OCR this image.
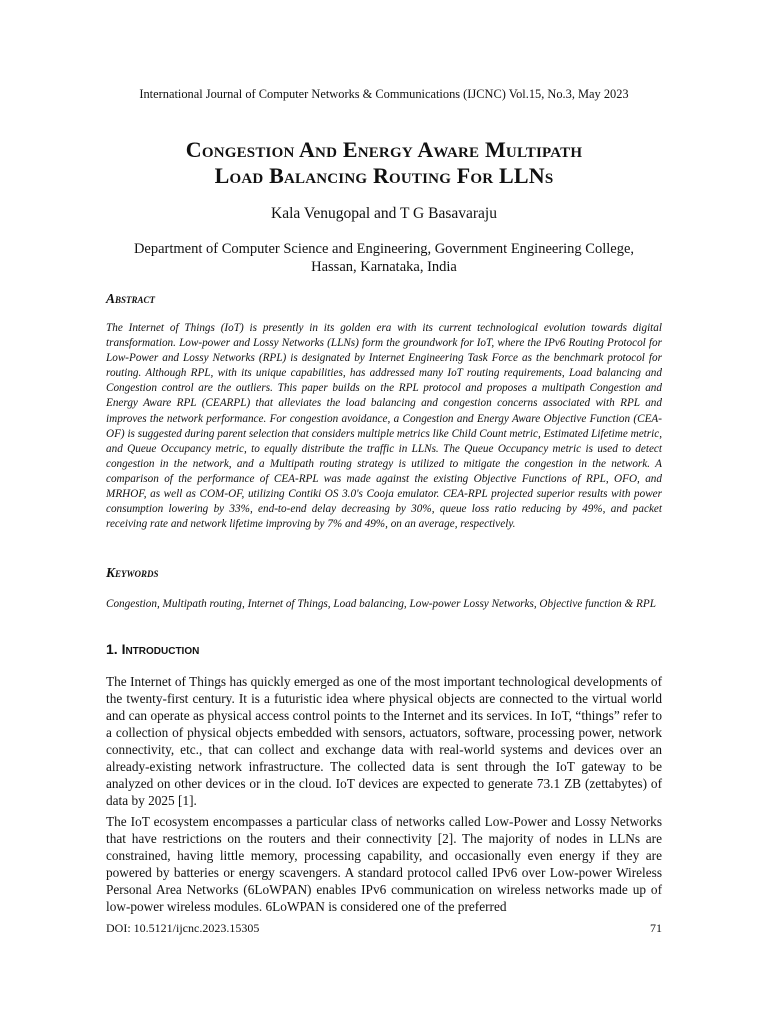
International Journal of Computer Networks & Communications (IJCNC) Vol.15, No.3, May 2023
Congestion And Energy Aware Multipath
Load Balancing Routing For LLNs
Kala Venugopal and T G Basavaraju
Department of Computer Science and Engineering, Government Engineering College,
Hassan, Karnataka, India
Abstract

The Internet of Things (IoT) is presently in its golden era with its current technological evolution towards digital transformation. Low-power and Lossy Networks (LLNs) form the groundwork for IoT, where the IPv6 Routing Protocol for Low-Power and Lossy Networks (RPL) is designated by Internet Engineering Task Force as the benchmark protocol for routing. Although RPL, with its unique capabilities, has addressed many IoT routing requirements, Load balancing and Congestion control are the outliers. This paper builds on the RPL protocol and proposes a multipath Congestion and Energy Aware RPL (CEARPL) that alleviates the load balancing and congestion concerns associated with RPL and improves the network performance. For congestion avoidance, a Congestion and Energy Aware Objective Function (CEA-OF) is suggested during parent selection that considers multiple metrics like Child Count metric, Estimated Lifetime metric, and Queue Occupancy metric, to equally distribute the traffic in LLNs. The Queue Occupancy metric is used to detect congestion in the network, and a Multipath routing strategy is utilized to mitigate the congestion in the network. A comparison of the performance of CEA-RPL was made against the existing Objective Functions of RPL, OFO, and MRHOF, as well as COM-OF, utilizing Contiki OS 3.0's Cooja emulator. CEA-RPL projected superior results with power consumption lowering by 33%, end-to-end delay decreasing by 30%, queue loss ratio reducing by 49%, and packet receiving rate and network lifetime improving by 7% and 49%, on an average, respectively.

Keywords

Congestion, Multipath routing, Internet of Things, Load balancing, Low-power Lossy Networks, Objective function & RPL

1. Introduction

The Internet of Things has quickly emerged as one of the most important technological developments of the twenty-first century. It is a futuristic idea where physical objects are connected to the virtual world and can operate as physical access control points to the Internet and its services. In IoT, “things” refer to a collection of physical objects embedded with sensors, actuators, software, processing power, network connectivity, etc., that can collect and exchange data with real-world systems and devices over an already-existing network infrastructure. The collected data is sent through the IoT gateway to be analyzed on other devices or in the cloud. IoT devices are expected to generate 73.1 ZB (zettabytes) of data by 2025 [1].

The IoT ecosystem encompasses a particular class of networks called Low-Power and Lossy Networks that have restrictions on the routers and their connectivity [2]. The majority of nodes in LLNs are constrained, having little memory, processing capability, and occasionally even energy if they are powered by batteries or energy scavengers. A standard protocol called IPv6 over Low-power Wireless Personal Area Networks (6LoWPAN) enables IPv6 communication on wireless networks made up of low-power wireless modules. 6LoWPAN is considered one of the preferred

DOI: 10.5121/ijcnc.2023.15305	71
